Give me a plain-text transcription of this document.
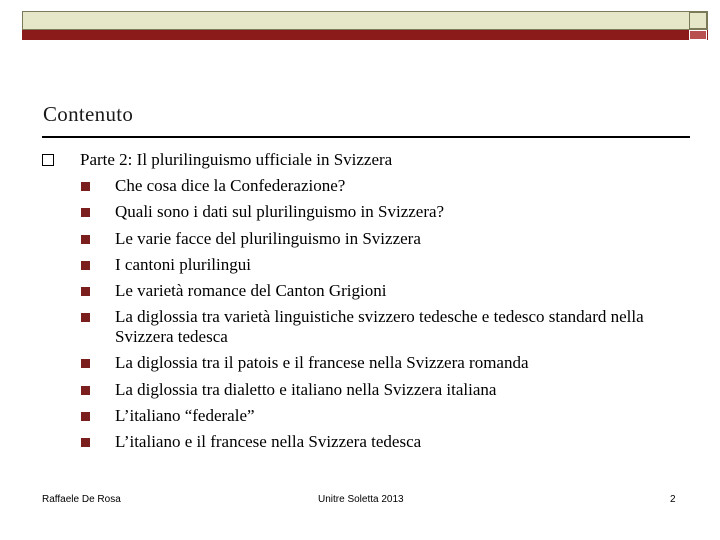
Contenuto
Parte 2: Il plurilinguismo ufficiale in Svizzera
Che cosa dice la Confederazione?
Quali sono i dati sul plurilinguismo in Svizzera?
Le varie facce del plurilinguismo in Svizzera
I cantoni plurilingui
Le varietà romance del Canton Grigioni
La diglossia tra varietà linguistiche svizzero tedesche e tedesco standard nella Svizzera tedesca
La diglossia tra il patois e il francese nella Svizzera romanda
La diglossia tra dialetto e italiano nella Svizzera italiana
L’italiano “federale”
L’italiano e il francese nella Svizzera tedesca
Raffaele De Rosa	Unitre Soletta 2013	2
